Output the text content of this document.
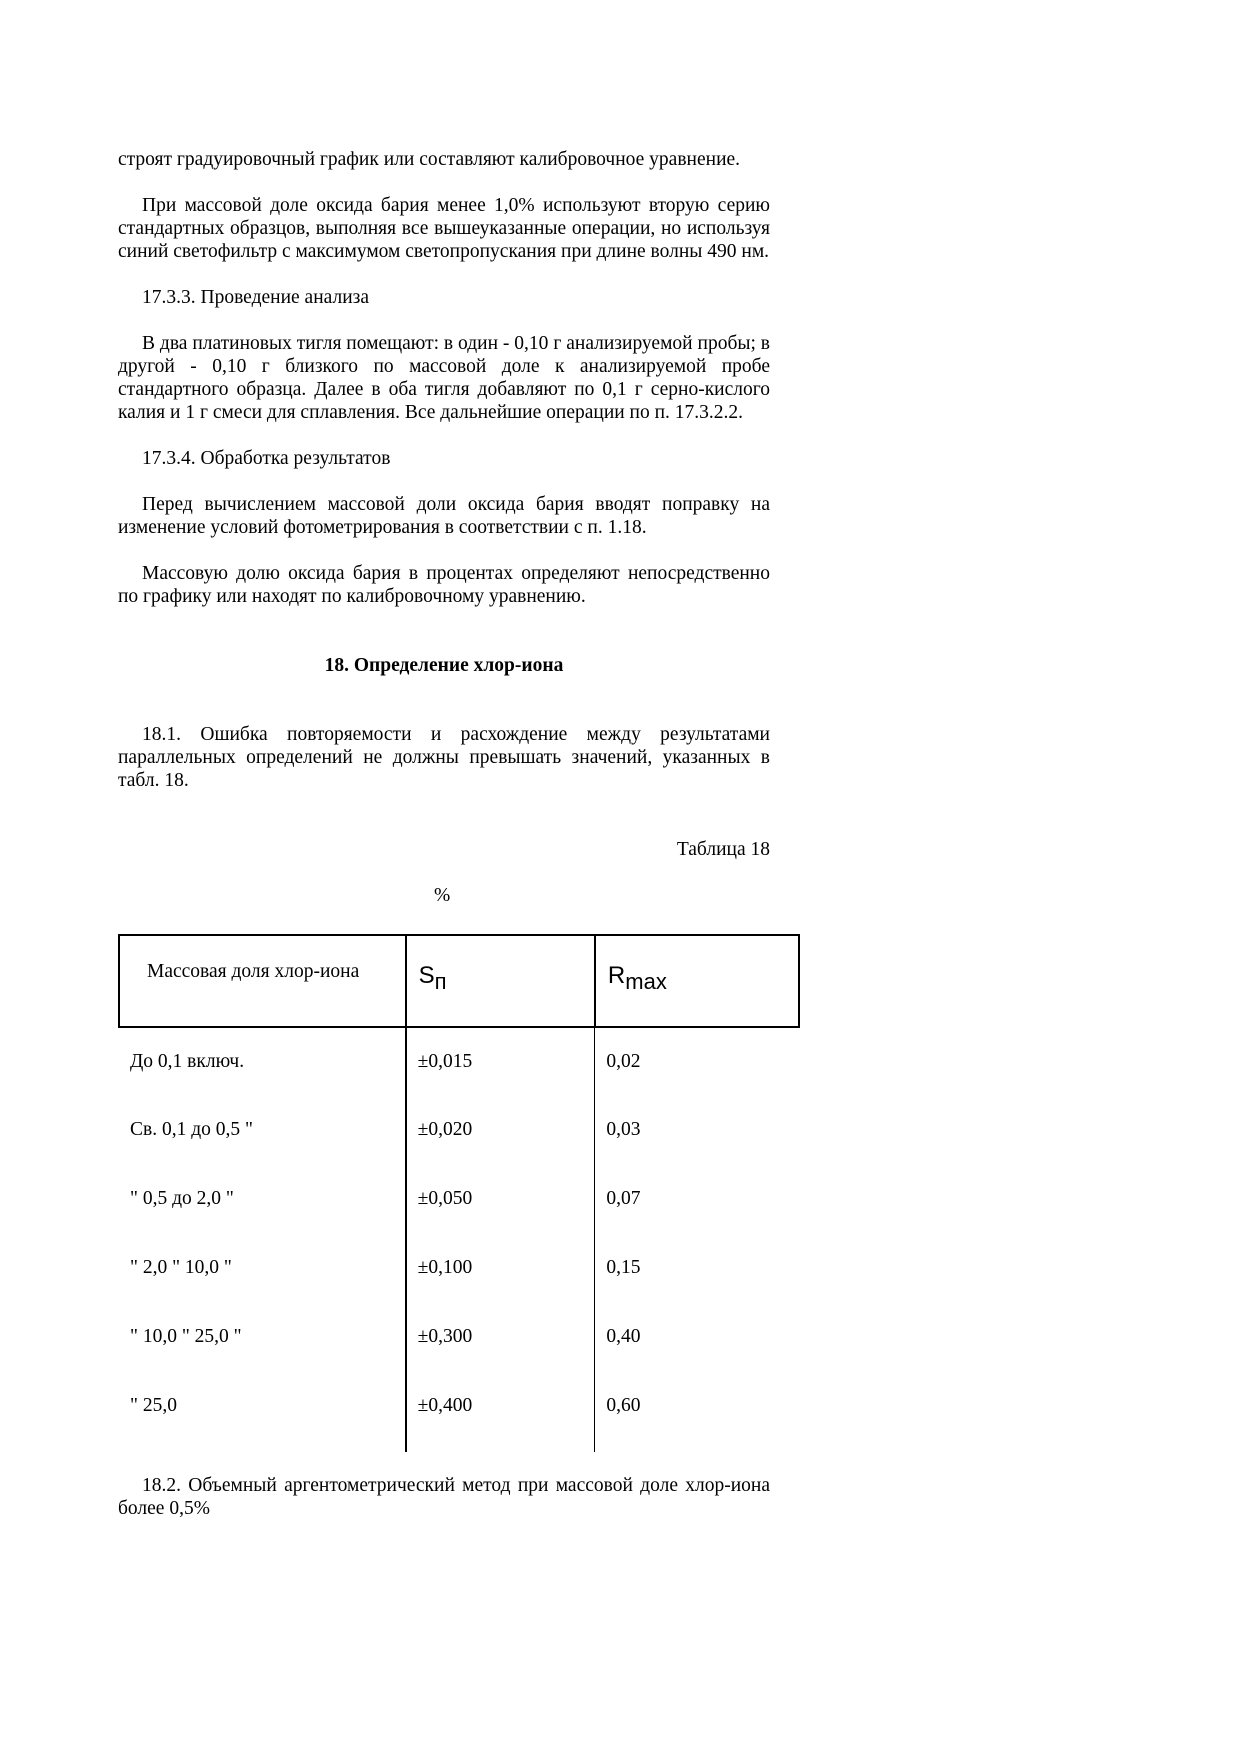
строят градуировочный график или составляют калибровочное уравнение.

При массовой доле оксида бария менее 1,0% используют вторую серию стандартных образцов, выполняя все вышеуказанные операции, но используя синий светофильтр с максимумом светопропускания при длине волны 490 нм.

17.3.3. Проведение анализа

В два платиновых тигля помещают: в один - 0,10 г анализируемой пробы; в другой - 0,10 г близкого по массовой доле к анализируемой пробе стандартного образца. Далее в оба тигля добавляют по 0,1 г серно-кислого калия и 1 г смеси для сплавления. Все дальнейшие операции по п. 17.3.2.2.

17.3.4. Обработка результатов

Перед вычислением массовой доли оксида бария вводят поправку на изменение условий фотометрирования в соответствии с п. 1.18.

Массовую долю оксида бария в процентах определяют непосредственно по графику или находят по калибровочному уравнению.

18. Определение хлор-иона

18.1. Ошибка повторяемости и расхождение между результатами параллельных определений не должны превышать значений, указанных в табл. 18.

Таблица 18

%

Массовая доля хлор-иона	Sп	Rmax
До 0,1 включ.	±0,015	0,02
Св. 0,1 до 0,5 "	±0,020	0,03
" 0,5 до 2,0 "	±0,050	0,07
" 2,0 " 10,0 "	±0,100	0,15
" 10,0 " 25,0 "	±0,300	0,40
" 25,0	±0,400	0,60

18.2. Объемный аргентометрический метод при массовой доле хлор-иона более 0,5%
